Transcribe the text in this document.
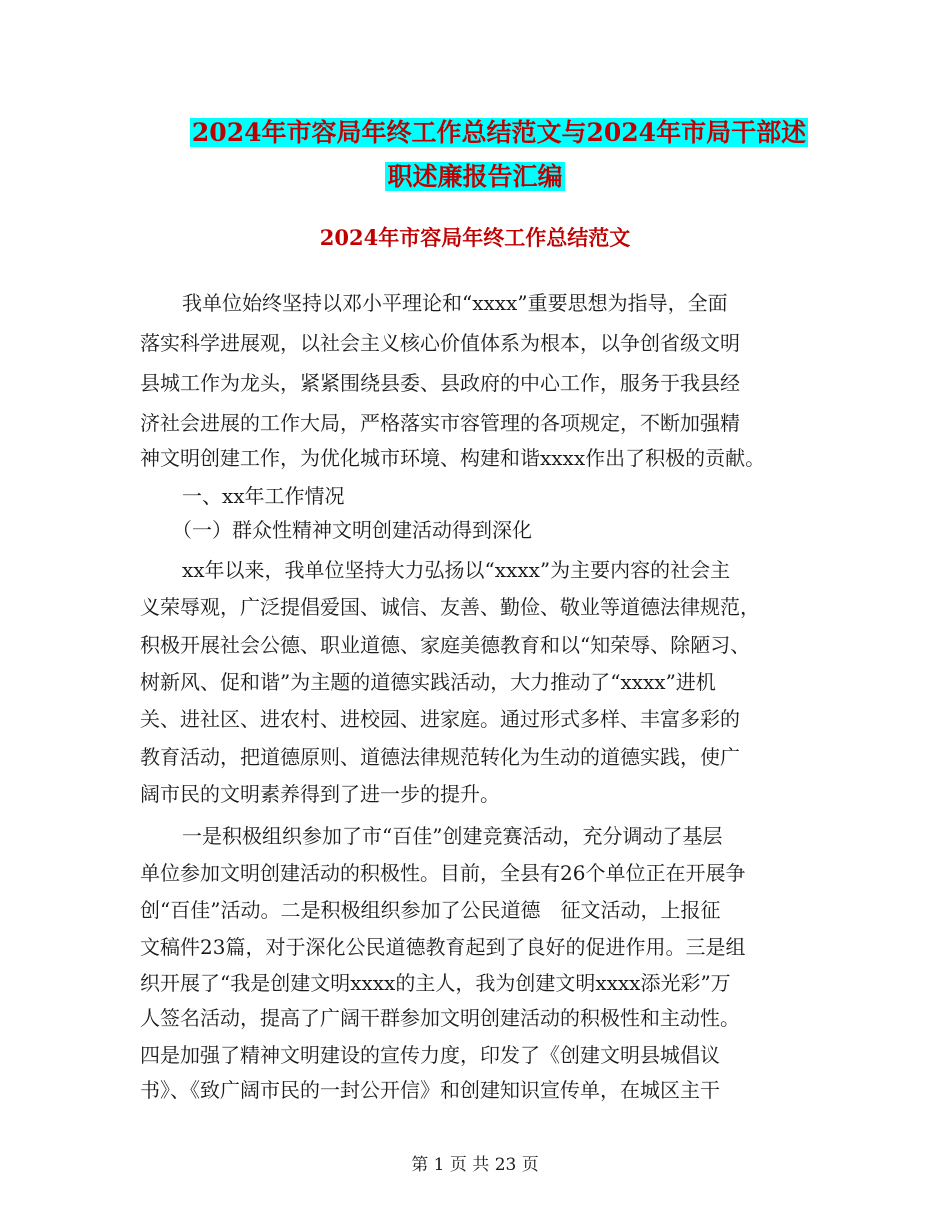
2024年市容局年终工作总结范文与2024年市局干部述
职述廉报告汇编
2024年市容局年终工作总结范文
我单位始终坚持以邓小平理论和“xxxx”重要思想为指导，全面
落实科学进展观，以社会主义核心价值体系为根本，以争创省级文明
县城工作为龙头，紧紧围绕县委、县政府的中心工作，服务于我县经
济社会进展的工作大局，严格落实市容管理的各项规定，不断加强精
神文明创建工作，为优化城市环境、构建和谐xxxx作出了积极的贡献。
一、xx年工作情况
（一）群众性精神文明创建活动得到深化
xx年以来，我单位坚持大力弘扬以“xxxx”为主要内容的社会主
义荣辱观，广泛提倡爱国、诚信、友善、勤俭、敬业等道德法律规范，
积极开展社会公德、职业道德、家庭美德教育和以“知荣辱、除陋习、
树新风、促和谐”为主题的道德实践活动，大力推动了“xxxx”进机
关、进社区、进农村、进校园、进家庭。通过形式多样、丰富多彩的
教育活动，把道德原则、道德法律规范转化为生动的道德实践，使广
阔市民的文明素养得到了进一步的提升。
一是积极组织参加了市“百佳”创建竞赛活动，充分调动了基层
单位参加文明创建活动的积极性。目前，全县有26个单位正在开展争
创“百佳”活动。二是积极组织参加了公民道德　征文活动，上报征
文稿件23篇，对于深化公民道德教育起到了良好的促进作用。三是组
织开展了“我是创建文明xxxx的主人，我为创建文明xxxx添光彩”万
人签名活动，提高了广阔干群参加文明创建活动的积极性和主动性。
四是加强了精神文明建设的宣传力度，印发了《创建文明县城倡议
书》、《致广阔市民的一封公开信》和创建知识宣传单，在城区主干
第 1 页 共 23 页
